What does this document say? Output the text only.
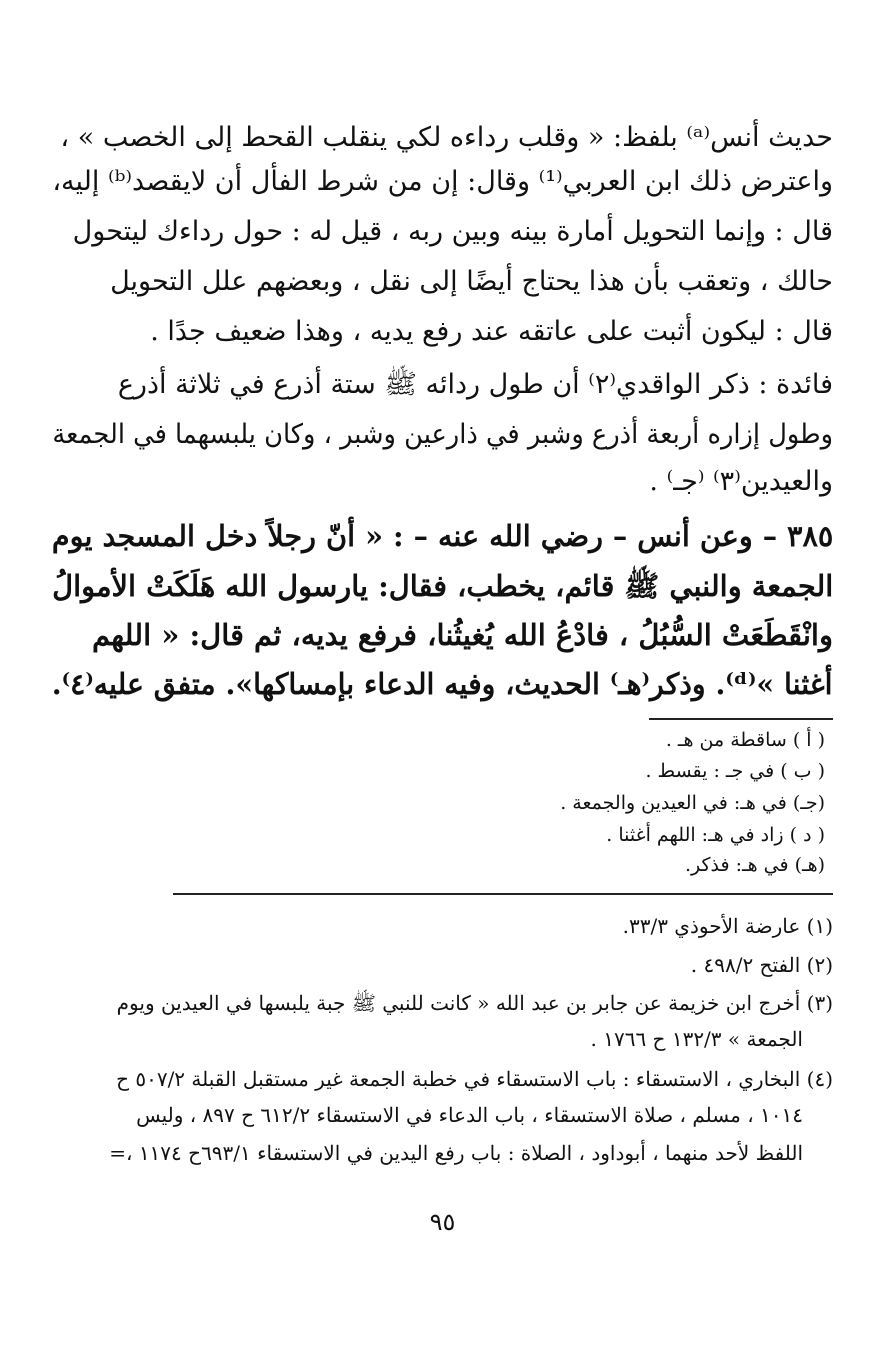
حديث أنس⁽ᵃ⁾ بلفظ: « وقلب رداءه لكي ينقلب القحط إلى الخصب » ،
واعترض ذلك ابن العربي⁽¹⁾ وقال: إن من شرط الفأل أن لايقصد⁽ᵇ⁾ إليه،
قال : وإنما التحويل أمارة بينه وبين ربه ، قيل له : حول رداءك ليتحول
حالك ، وتعقب بأن هذا يحتاج أيضًا إلى نقل ، وبعضهم علل التحويل
قال : ليكون أثبت على عاتقه عند رفع يديه ، وهذا ضعيف جدًا .
فائدة : ذكر الواقدي⁽٢⁾ أن طول ردائه ﷺ ستة أذرع في ثلاثة أذرع
وطول إزاره أربعة أذرع وشبر في ذارعين وشبر ، وكان يلبسهما في الجمعة
والعيدين⁽٣⁾ ⁽جـ⁾ .
٣٨٥ – وعن أنس – رضي الله عنه – : « أنّ رجلاً دخل المسجد يوم
الجمعة والنبي ﷺ قائم، يخطب، فقال: يارسول الله هَلَكَتْ الأموالُ
وانْقَطَعَتْ السُّبُلُ ، فادْعُ الله يُغيثُنا، فرفع يديه، ثم قال: « اللهم
أغثنا »⁽ᵈ⁾. وذكر⁽هـ⁾ الحديث، وفيه الدعاء بإمساكها». متفق عليه⁽٤⁾.
( أ ) ساقطة من هـ .
( ب ) في جـ : يقسط .
(جـ) في هـ: في العيدين والجمعة .
( د ) زاد في هـ: اللهم أغثنا .
(هـ) في هـ: فذكر.
(١) عارضة الأحوذي ٣٣/٣.
(٢) الفتح ٤٩٨/٢ .
(٣) أخرج ابن خزيمة عن جابر بن عبد الله « كانت للنبي ﷺ جبة يلبسها في العيدين ويوم
الجمعة » ١٣٢/٣ ح ١٧٦٦ .
(٤) البخاري ، الاستسقاء : باب الاستسقاء في خطبة الجمعة غير مستقبل القبلة ٥٠٧/٢ ح
١٠١٤ ، مسلم ، صلاة الاستسقاء ، باب الدعاء في الاستسقاء ٦١٢/٢ ح ٨٩٧ ، وليس
اللفظ لأحد منهما ، أبوداود ، الصلاة : باب رفع اليدين في الاستسقاء ٦٩٣/١ح ١١٧٤ ،=
٩٥
